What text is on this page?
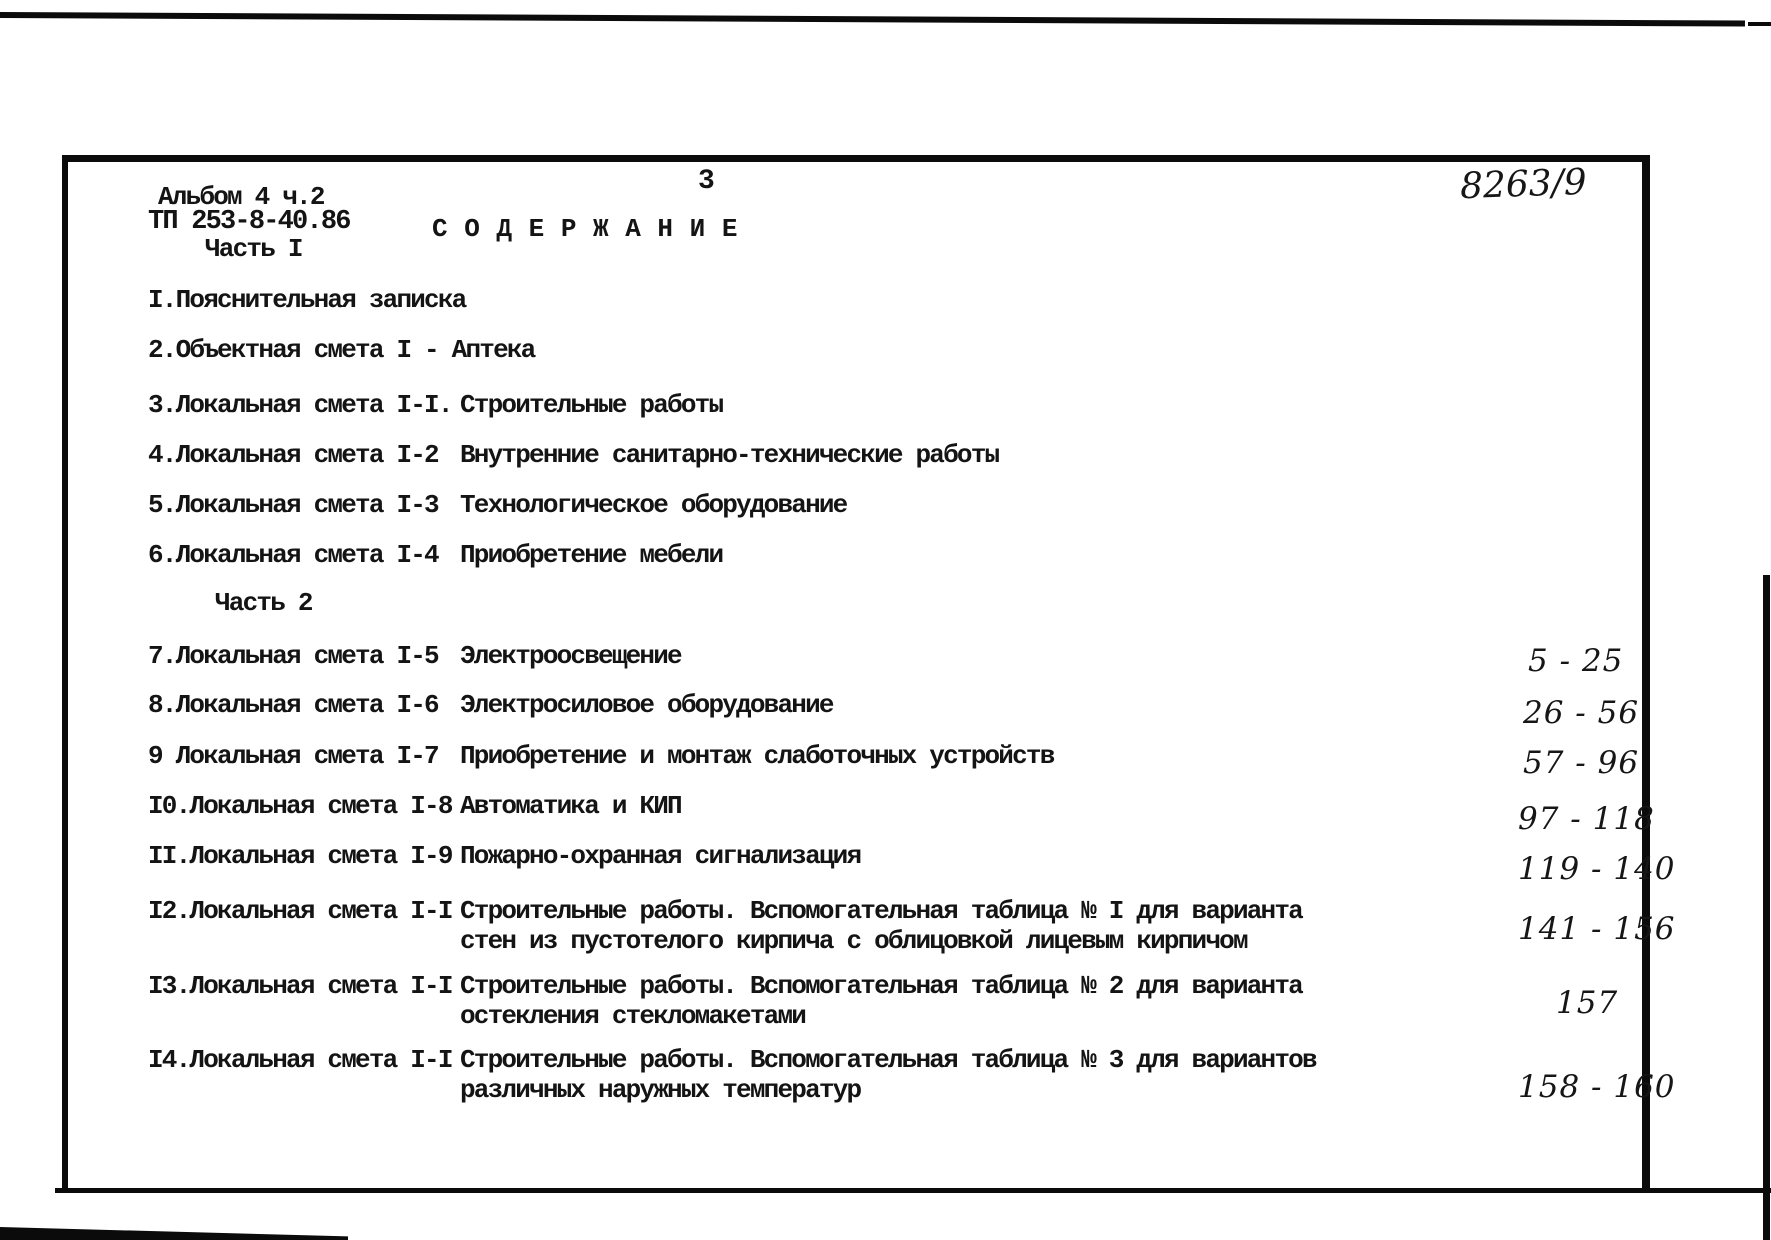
3	8263/9
Альбом 4 ч.2
ТП 253-8-40.86
Часть I
С О Д Е Р Ж А Н И Е
I.Пояснительная записка
2.Объектная смета I - Аптека
3.Локальная смета I-I. Строительные работы
4.Локальная смета I-2 Внутренние санитарно-технические работы
5.Локальная смета I-3 Технологическое оборудование
6.Локальная смета I-4 Приобретение мебели
Часть 2
7.Локальная смета I-5 Электроосвещение	5 - 25
8.Локальная смета I-6 Электросиловое оборудование	26 - 56
9 Локальная смета I-7 Приобретение и монтаж слаботочных устройств	57 - 96
I0.Локальная смета I-8 Автоматика и КИП	97 - 118
II.Локальная смета I-9 Пожарно-охранная сигнализация	119 - 140
I2.Локальная смета I-I Строительные работы. Вспомогательная таблица № I для варианта
стен из пустотелого кирпича с облицовкой лицевым кирпичом	141 - 156
I3.Локальная смета I-I Строительные работы. Вспомогательная таблица № 2 для варианта
остекления стекломакетами	157
I4.Локальная смета I-I Строительные работы. Вспомогательная таблица № 3 для вариантов
различных наружных температур	158 - 160
